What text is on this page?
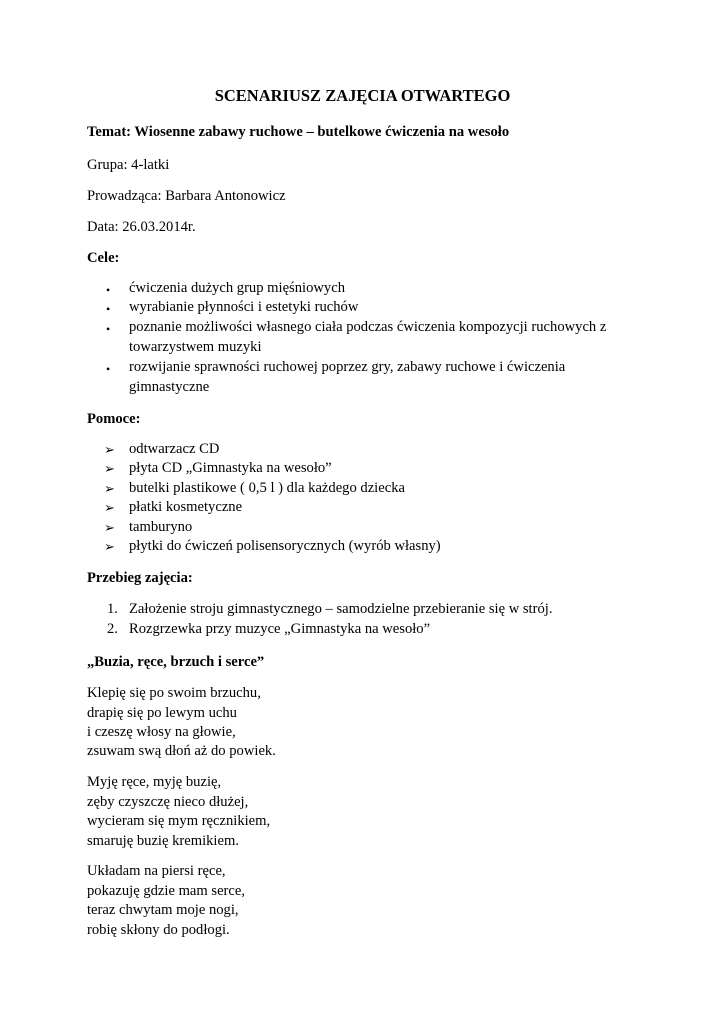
SCENARIUSZ ZAJĘCIA OTWARTEGO
Temat: Wiosenne zabawy ruchowe – butelkowe ćwiczenia na wesoło
Grupa: 4-latki
Prowadząca: Barbara Antonowicz
Data: 26.03.2014r.
Cele:
• ćwiczenia dużych grup mięśniowych
• wyrabianie płynności i estetyki ruchów
• poznanie możliwości własnego ciała podczas ćwiczenia kompozycji ruchowych z
towarzystwem muzyki
• rozwijanie sprawności ruchowej poprzez gry, zabawy ruchowe i ćwiczenia
gimnastyczne
Pomoce:
➢ odtwarzacz CD
➢ płyta CD „Gimnastyka na wesoło”
➢ butelki plastikowe ( 0,5 l ) dla każdego dziecka
➢ płatki kosmetyczne
➢ tamburyno
➢ płytki do ćwiczeń polisensorycznych (wyrób własny)
Przebieg zajęcia:
1. Założenie stroju gimnastycznego – samodzielne przebieranie się w strój.
2. Rozgrzewka przy muzyce „Gimnastyka na wesoło”
„Buzia, ręce, brzuch i serce”
Klepię się po swoim brzuchu,
drapię się po lewym uchu
i czeszę włosy na głowie,
zsuwam swą dłoń aż do powiek.
Myję ręce, myję buzię,
zęby czyszczę nieco dłużej,
wycieram się mym ręcznikiem,
smaruję buzię kremikiem.
Układam na piersi ręce,
pokazuję gdzie mam serce,
teraz chwytam moje nogi,
robię skłony do podłogi.
